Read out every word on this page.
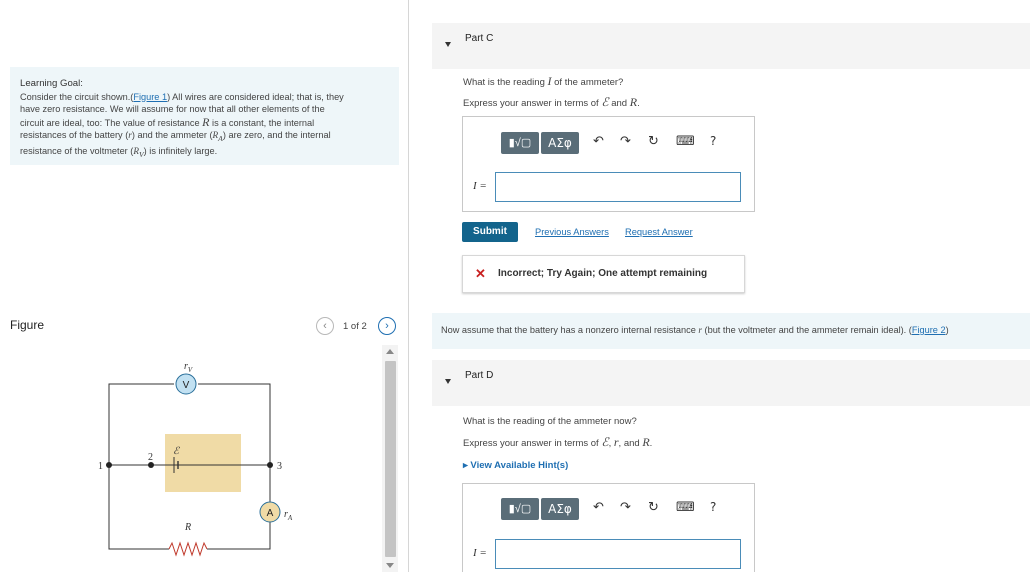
Learning Goal:
Consider the circuit shown.(Figure 1) All wires are considered ideal; that is, they
have zero resistance. We will assume for now that all other elements of the
circuit are ideal, too: The value of resistance R is a constant, the internal
resistances of the battery (r) and the ammeter $(R_A)$ are zero, and the internal
resistance of the voltmeter $(R_V)$ is infinitely large.
Figure	‹	1 of 2	›
ℰ
1
2
3
V
$r_V$
A $r_A$
R
Part C
What is the reading I of the ammeter?
Express your answer in terms of ℰ and R.
▮√▢	ΑΣφ	↶ ↷ ↻ ⌨ ?
I =
Submit	Previous Answers Request Answer
✕ Incorrect; Try Again; One attempt remaining
Now assume that the battery has a nonzero internal resistance r (but the voltmeter and the ammeter remain ideal). (Figure 2)
Part D
What is the reading of the ammeter now?
Express your answer in terms of ℰ, r, and R.
▸ View Available Hint(s)
▮√▢	ΑΣφ	↶ ↷ ↻ ⌨ ?
I =
